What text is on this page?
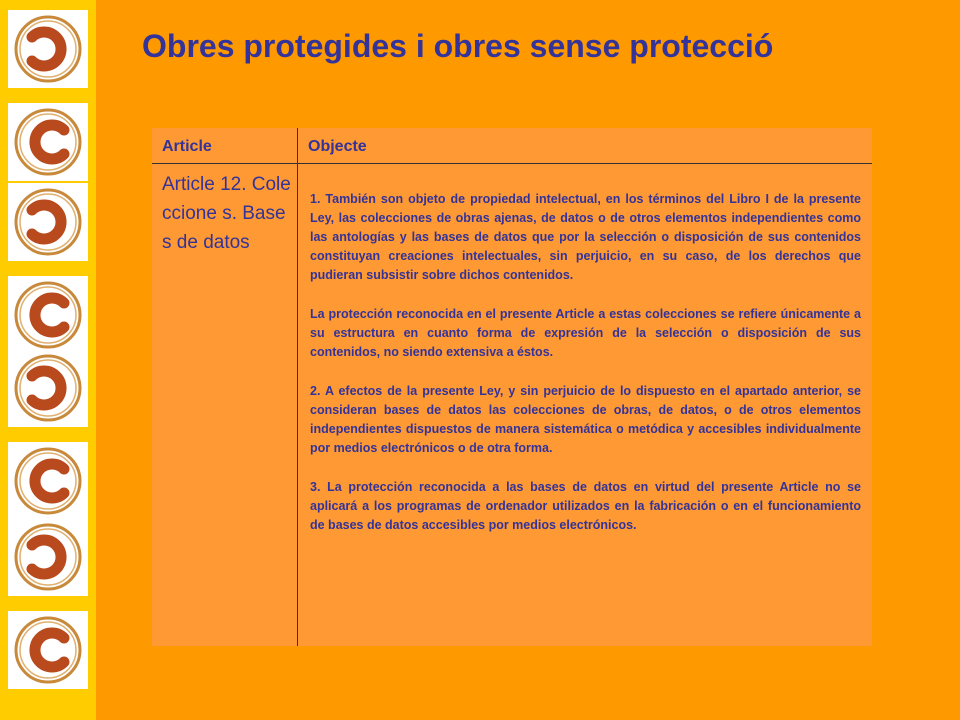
Obres protegides i obres sense protecció
Article	Objecte
Article 12. Coleccione s. Bases de datos

1. También son objeto de propiedad intelectual, en los términos del Libro I de la presente Ley, las colecciones de obras ajenas, de datos o de otros elementos independientes como las antologías y las bases de datos que por la selección o disposición de sus contenidos constituyan creaciones intelectuales, sin perjuicio, en su caso, de los derechos que pudieran subsistir sobre dichos contenidos.

La protección reconocida en el presente Article a estas colecciones se refiere únicamente a su estructura en cuanto forma de expresión de la selección o disposición de sus contenidos, no siendo extensiva a éstos.

2. A efectos de la presente Ley, y sin perjuicio de lo dispuesto en el apartado anterior, se consideran bases de datos las colecciones de obras, de datos, o de otros elementos independientes dispuestos de manera sistemática o metódica y accesibles individualmente por medios electrónicos o de otra forma.

3. La protección reconocida a las bases de datos en virtud del presente Article no se aplicará a los programas de ordenador utilizados en la fabricación o en el funcionamiento de bases de datos accesibles por medios electrónicos.
